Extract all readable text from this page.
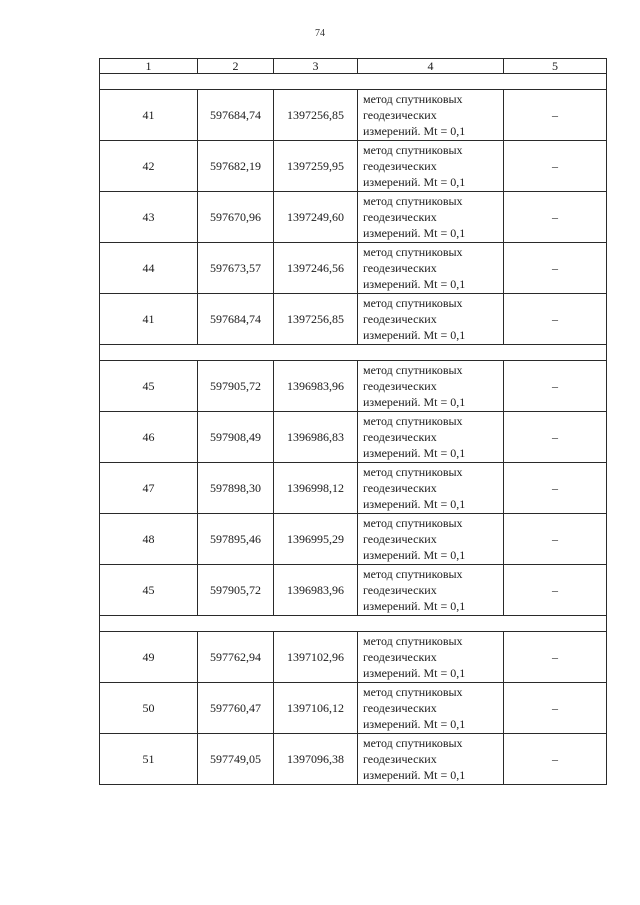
74
1	2	3	4	5

41	597684,74	1397256,85	метод спутниковых
геодезических
измерений. Mt = 0,1	–
42	597682,19	1397259,95	метод спутниковых
геодезических
измерений. Mt = 0,1	–
43	597670,96	1397249,60	метод спутниковых
геодезических
измерений. Mt = 0,1	–
44	597673,57	1397246,56	метод спутниковых
геодезических
измерений. Mt = 0,1	–
41	597684,74	1397256,85	метод спутниковых
геодезических
измерений. Mt = 0,1	–

45	597905,72	1396983,96	метод спутниковых
геодезических
измерений. Mt = 0,1	–
46	597908,49	1396986,83	метод спутниковых
геодезических
измерений. Mt = 0,1	–
47	597898,30	1396998,12	метод спутниковых
геодезических
измерений. Mt = 0,1	–
48	597895,46	1396995,29	метод спутниковых
геодезических
измерений. Mt = 0,1	–
45	597905,72	1396983,96	метод спутниковых
геодезических
измерений. Mt = 0,1	–

49	597762,94	1397102,96	метод спутниковых
геодезических
измерений. Mt = 0,1	–
50	597760,47	1397106,12	метод спутниковых
геодезических
измерений. Mt = 0,1	–
51	597749,05	1397096,38	метод спутниковых
геодезических
измерений. Mt = 0,1	–
